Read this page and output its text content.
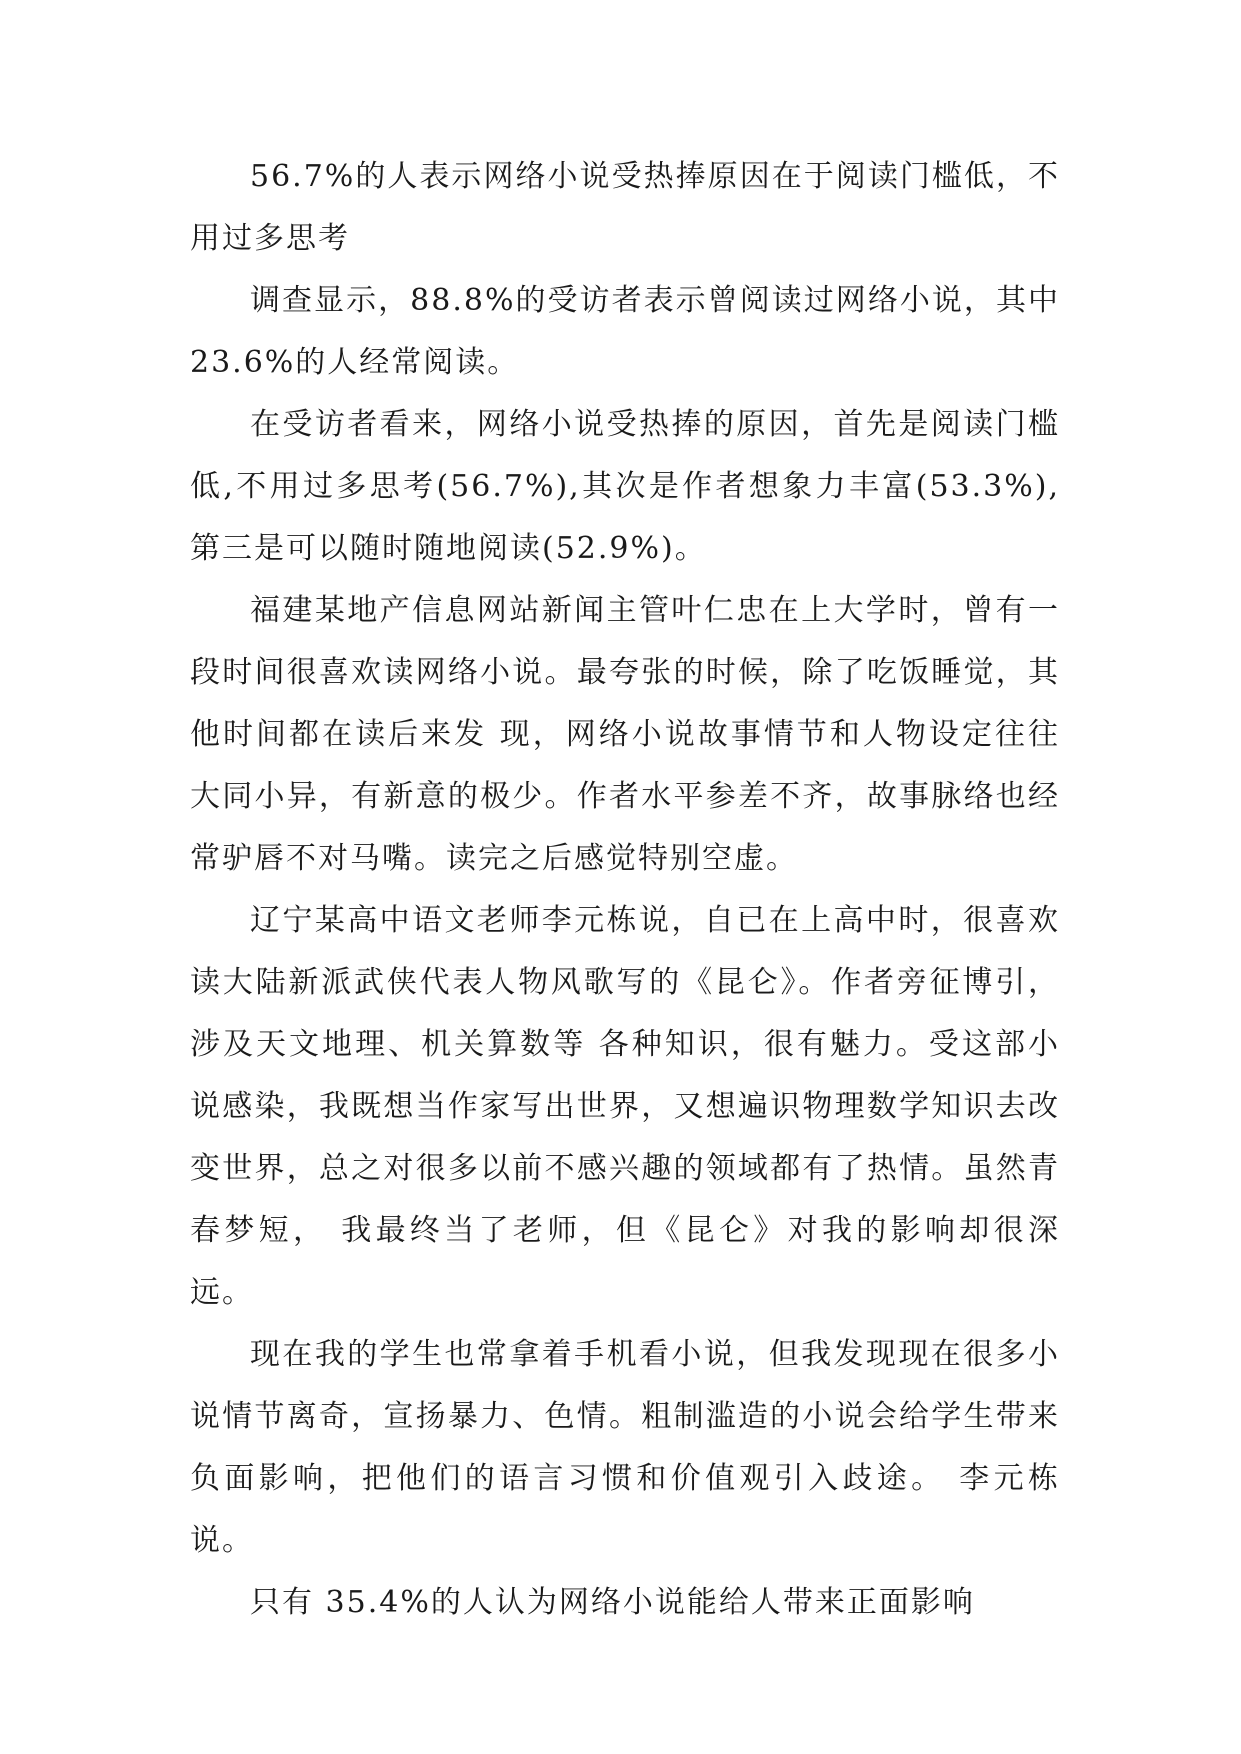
56.7%的人表示网络小说受热捧原因在于阅读门槛低，不用过多思考

调查显示，88.8%的受访者表示曾阅读过网络小说，其中 23.6%的人经常阅读。

在受访者看来，网络小说受热捧的原因，首先是阅读门槛低,不用过多思考(56.7%),其次是作者想象力丰富(53.3%),第三是可以随时随地阅读(52.9%)。

福建某地产信息网站新闻主管叶仁忠在上大学时，曾有一段时间很喜欢读网络小说。最夸张的时候，除了吃饭睡觉，其他时间都在读后来发 现，网络小说故事情节和人物设定往往大同小异，有新意的极少。作者水平参差不齐，故事脉络也经常驴唇不对马嘴。读完之后感觉特别空虚。

辽宁某高中语文老师李元栋说，自已在上高中时，很喜欢读大陆新派武侠代表人物风歌写的《昆仑》。作者旁征博引，涉及天文地理、机关算数等 各种知识，很有魅力。受这部小说感染，我既想当作家写出世界，又想遍识物理数学知识去改变世界，总之对很多以前不感兴趣的领域都有了热情。虽然青春梦短， 我最终当了老师，但《昆仑》对我的影响却很深远。

现在我的学生也常拿着手机看小说，但我发现现在很多小说情节离奇，宣扬暴力、色情。粗制滥造的小说会给学生带来负面影响，把他们的语言习惯和价值观引入歧途。 李元栋说。

只有 35.4%的人认为网络小说能给人带来正面影响
